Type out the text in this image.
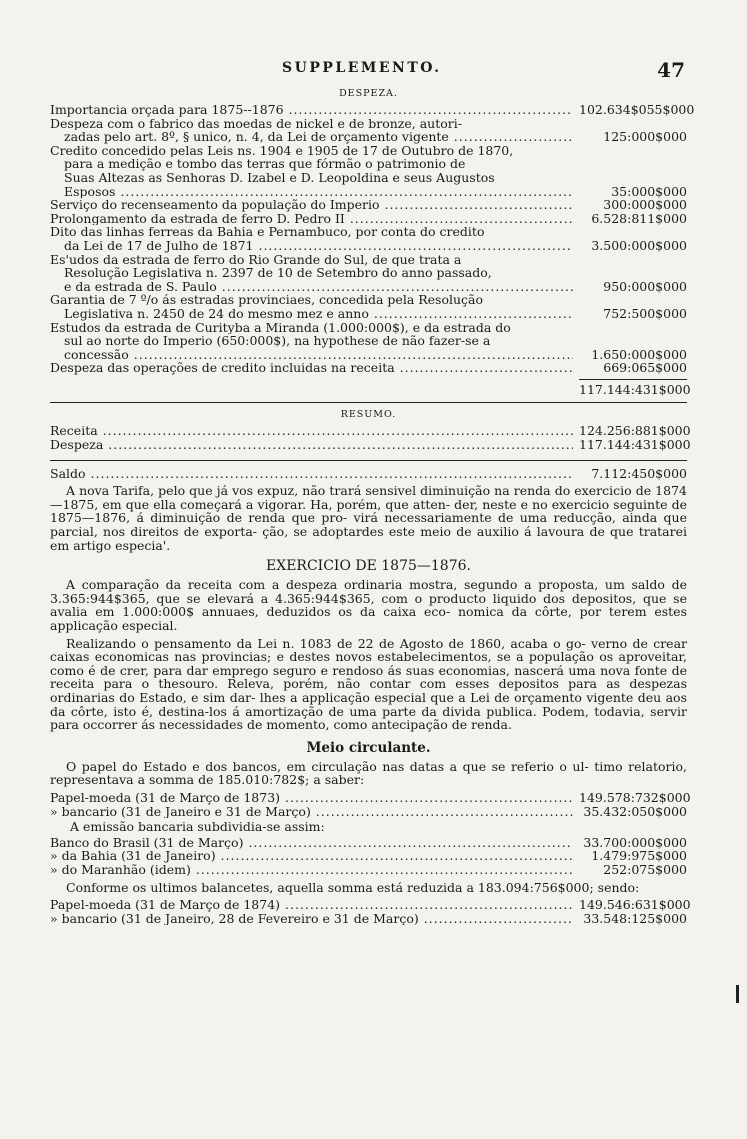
SUPPLEMENTO.	47
DESPEZA.
Importancia orçada para 1875--1876 .....	102.634$055$000
Despeza com o fabrico das moedas de nickel e de bronze, autori-
zadas pelo art. 8º, § unico, n. 4, da Lei de orçamento vigente .....	125:000$000
Credito concedido pelas Leis ns. 1904 e 1905 de 17 de Outubro de 1870,
para a medição e tombo das terras que fórmão o patrimonio de
Suas Altezas as Senhoras D. Izabel e D. Leopoldina e seus Augustos
Esposos .....	35:000$000
Serviço do recenseamento da população do Imperio .....	300:000$000
Prolongamento da estrada de ferro D. Pedro II .....	6.528:811$000
Dito das linhas ferreas da Bahia e Pernambuco, por conta do credito
da Lei de 17 de Julho de 1871 .....	3.500:000$000
Es'udos da estrada de ferro do Rio Grande do Sul, de que trata a
Resolução Legislativa n. 2397 de 10 de Setembro do anno passado,
e da estrada de S. Paulo .....	950:000$000
Garantia de 7 º/o ás estradas provinciaes, concedida pela Resolução
Legislativa n. 2450 de 24 do mesmo mez e anno .....	752:500$000
Estudos da estrada de Curityba a Miranda (1.000:000$), e da estrada do
sul ao norte do Imperio (650:000$), na hypothese de não fazer-se a
concessão .....	1.650:000$000
Despeza das operações de credito incluidas na receita .....	669:065$000
117.144:431$000
RESUMO.
Receita .....	124.256:881$000
Despeza .....	117.144:431$000
Saldo .....	7.112:450$000

A nova Tarifa, pelo que já vos expuz, não trará sensivel diminuição na renda do exercicio de 1874—1875, em que ella começará a vigorar. Ha, porém, que atten- der, neste e no exercicio seguinte de 1875—1876, á diminuição de renda que pro- virá necessariamente de uma reducção, ainda que parcial, nos direitos de exporta- ção, se adoptardes este meio de auxilio á lavoura de que tratarei em artigo especia'.

EXERCICIO DE 1875—1876.

A comparação da receita com a despeza ordinaria mostra, segundo a proposta, um saldo de 3.365:944$365, que se elevará a 4.365:944$365, com o producto liquido dos depositos, que se avalia em 1.000:000$ annuaes, deduzidos os da caixa eco- nomica da côrte, por terem estes applicação especial.

Realizando o pensamento da Lei n. 1083 de 22 de Agosto de 1860, acaba o go- verno de crear caixas economicas nas provincias; e destes novos estabelecimentos, se a população os aproveitar, como é de crer, para dar emprego seguro e rendoso ás suas economias, nascerá uma nova fonte de receita para o thesouro. Releva, porém, não contar com esses depositos para as despezas ordinarias do Estado, e sim dar- lhes a applicação especial que a Lei de orçamento vigente deu aos da côrte, isto é, destina-los á amortização de uma parte da divida publica. Podem, todavia, servir para occorrer ás necessidades de momento, como antecipação de renda.

Meio circulante.

O papel do Estado e dos bancos, em circulação nas datas a que se referio o ul- timo relatorio, representava a somma de 185.010:782$; a saber:

Papel-moeda (31 de Março de 1873) .....	149.578:732$000
» bancario (31 de Janeiro e 31 de Março) .....	35.432:050$000

A emissão bancaria subdividia-se assim:

Banco do Brasil (31 de Março) .....	33.700:000$000
» da Bahia (31 de Janeiro) .....	1.479:975$000
» do Maranhão (idem) .....	252:075$000

Conforme os ultimos balancetes, aquella somma está reduzida a 183.094:756$000; sendo:

Papel-moeda (31 de Março de 1874) .....	149.546:631$000
» bancario (31 de Janeiro, 28 de Fevereiro e 31 de Março) .....	33.548:125$000
